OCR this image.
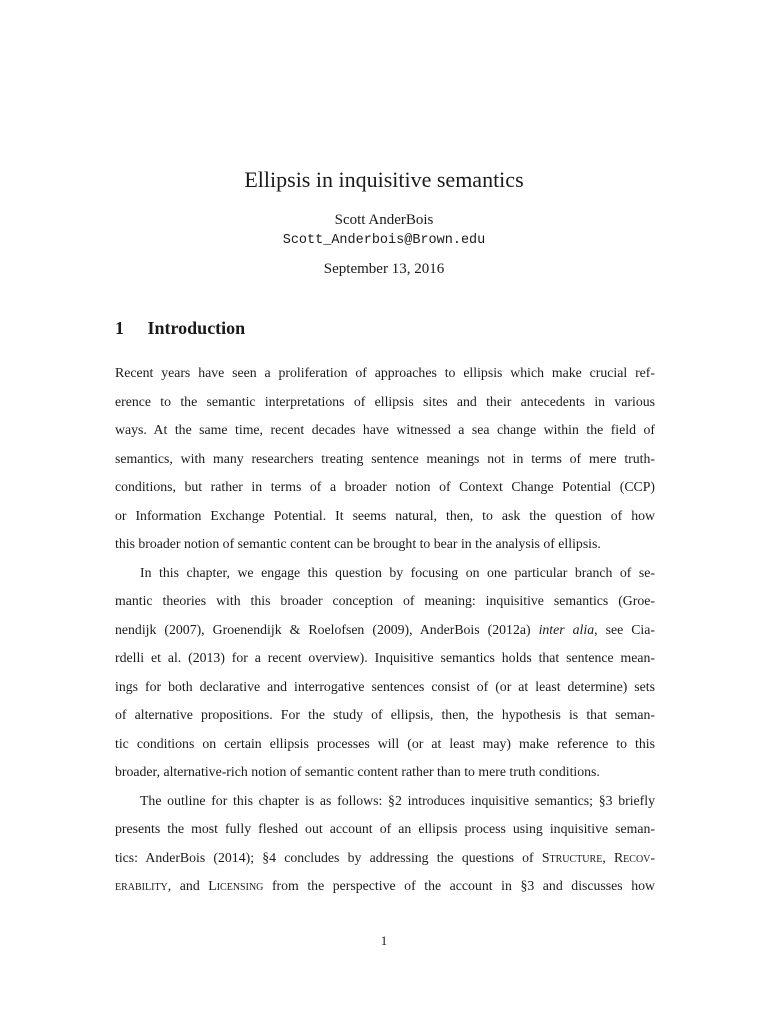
Ellipsis in inquisitive semantics
Scott AnderBois
Scott_Anderbois@Brown.edu
September 13, 2016
1 Introduction
Recent years have seen a proliferation of approaches to ellipsis which make crucial ref-
erence to the semantic interpretations of ellipsis sites and their antecedents in various
ways. At the same time, recent decades have witnessed a sea change within the field of
semantics, with many researchers treating sentence meanings not in terms of mere truth-
conditions, but rather in terms of a broader notion of Context Change Potential (CCP)
or Information Exchange Potential. It seems natural, then, to ask the question of how
this broader notion of semantic content can be brought to bear in the analysis of ellipsis.
In this chapter, we engage this question by focusing on one particular branch of se-
mantic theories with this broader conception of meaning: inquisitive semantics (Groe-
nendijk (2007), Groenendijk & Roelofsen (2009), AnderBois (2012a) inter alia, see Cia-
rdelli et al. (2013) for a recent overview). Inquisitive semantics holds that sentence mean-
ings for both declarative and interrogative sentences consist of (or at least determine) sets
of alternative propositions. For the study of ellipsis, then, the hypothesis is that seman-
tic conditions on certain ellipsis processes will (or at least may) make reference to this
broader, alternative-rich notion of semantic content rather than to mere truth conditions.
The outline for this chapter is as follows: §2 introduces inquisitive semantics; §3 briefly
presents the most fully fleshed out account of an ellipsis process using inquisitive seman-
tics: AnderBois (2014); §4 concludes by addressing the questions of Structure, Recov-
erability, and Licensing from the perspective of the account in §3 and discusses how
1
